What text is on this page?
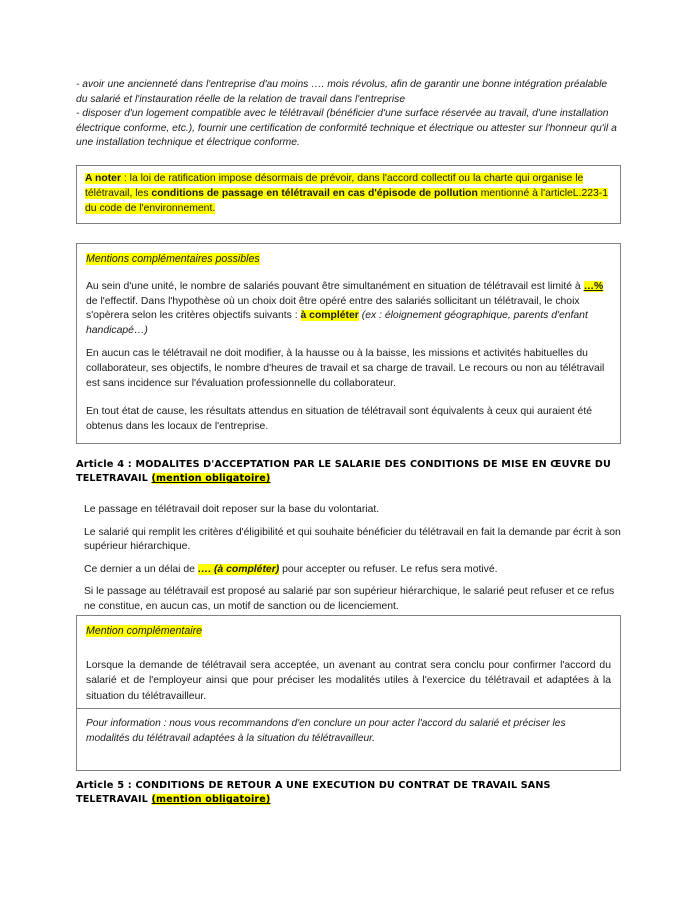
- avoir une ancienneté dans l'entreprise d'au moins …. mois révolus, afin de garantir une bonne intégration préalable du salarié et l'instauration réelle de la relation de travail dans l'entreprise

- disposer d'un logement compatible avec le télétravail (bénéficier d'une surface réservée au travail, d'une installation électrique conforme, etc.), fournir une certification de conformité technique et électrique ou attester sur l'honneur qu'il a une installation technique et électrique conforme.

A noter : la loi de ratification impose désormais de prévoir, dans l'accord collectif ou la charte qui organise le télétravail, les conditions de passage en télétravail en cas d'épisode de pollution mentionné à l'articleL.223-1 du code de l'environnement.

Mentions complémentaires possibles

Au sein d'une unité, le nombre de salariés pouvant être simultanément en situation de télétravail est limité à …% de l'effectif. Dans l'hypothèse où un choix doit être opéré entre des salariés sollicitant un télétravail, le choix s'opèrera selon les critères objectifs suivants : à compléter (ex : éloignement géographique, parents d'enfant handicapé…)

En aucun cas le télétravail ne doit modifier, à la hausse ou à la baisse, les missions et activités habituelles du collaborateur, ses objectifs, le nombre d'heures de travail et sa charge de travail. Le recours ou non au télétravail est sans incidence sur l'évaluation professionnelle du collaborateur.

En tout état de cause, les résultats attendus en situation de télétravail sont équivalents à ceux qui auraient été obtenus dans les locaux de l'entreprise.

Article 4 : MODALITES D'ACCEPTATION PAR LE SALARIE DES CONDITIONS DE MISE EN ŒUVRE DU TELETRAVAIL (mention obligatoire)

Le passage en télétravail doit reposer sur la base du volontariat.

Le salarié qui remplit les critères d'éligibilité et qui souhaite bénéficier du télétravail en fait la demande par écrit à son supérieur hiérarchique.

Ce dernier a un délai de …. (à compléter) pour accepter ou refuser. Le refus sera motivé.

Si le passage au télétravail est proposé au salarié par son supérieur hiérarchique, le salarié peut refuser et ce refus ne constitue, en aucun cas, un motif de sanction ou de licenciement.

Mention complémentaire

Lorsque la demande de télétravail sera acceptée, un avenant au contrat sera conclu pour confirmer l'accord du salarié et de l'employeur ainsi que pour préciser les modalités utiles à l'exercice du télétravail et adaptées à la situation du télétravailleur.

Pour information : nous vous recommandons d'en conclure un pour acter l'accord du salarié et préciser les modalités du télétravail adaptées à la situation du télétravailleur.

Article 5 : CONDITIONS DE RETOUR A UNE EXECUTION DU CONTRAT DE TRAVAIL SANS TELETRAVAIL (mention obligatoire)
